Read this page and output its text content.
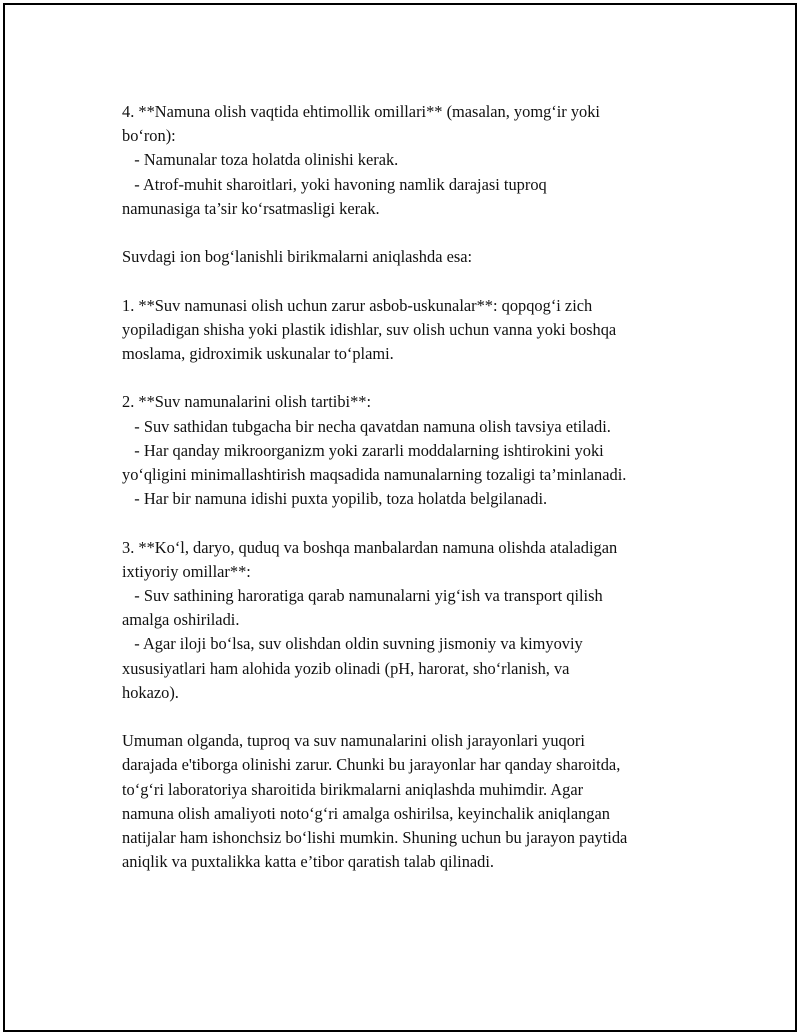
4. **Namuna olish vaqtida ehtimollik omillari** (masalan, yomg‘ir yoki
bo‘ron):
- Namunalar toza holatda olinishi kerak.
- Atrof-muhit sharoitlari, yoki havoning namlik darajasi tuproq
namunasiga ta’sir ko‘rsatmasligi kerak.
Suvdagi ion bog‘lanishli birikmalarni aniqlashda esa:
1. **Suv namunasi olish uchun zarur asbob-uskunalar**: qopqog‘i zich
yopiladigan shisha yoki plastik idishlar, suv olish uchun vanna yoki boshqa
moslama, gidroximik uskunalar to‘plami.
2. **Suv namunalarini olish tartibi**:
- Suv sathidan tubgacha bir necha qavatdan namuna olish tavsiya etiladi.
- Har qanday mikroorganizm yoki zararli moddalarning ishtirokini yoki
yo‘qligini minimallashtirish maqsadida namunalarning tozaligi ta’minlanadi.
- Har bir namuna idishi puxta yopilib, toza holatda belgilanadi.
3. **Ko‘l, daryo, quduq va boshqa manbalardan namuna olishda ataladigan
ixtiyoriy omillar**:
- Suv sathining haroratiga qarab namunalarni yig‘ish va transport qilish
amalga oshiriladi.
- Agar iloji bo‘lsa, suv olishdan oldin suvning jismoniy va kimyoviy
xususiyatlari ham alohida yozib olinadi (pH, harorat, sho‘rlanish, va
hokazo).
Umuman olganda, tuproq va suv namunalarini olish jarayonlari yuqori
darajada e'tiborga olinishi zarur. Chunki bu jarayonlar har qanday sharoitda,
to‘g‘ri laboratoriya sharoitida birikmalarni aniqlashda muhimdir. Agar
namuna olish amaliyoti noto‘g‘ri amalga oshirilsa, keyinchalik aniqlangan
natijalar ham ishonchsiz bo‘lishi mumkin. Shuning uchun bu jarayon paytida
aniqlik va puxtalikka katta e’tibor qaratish talab qilinadi.
